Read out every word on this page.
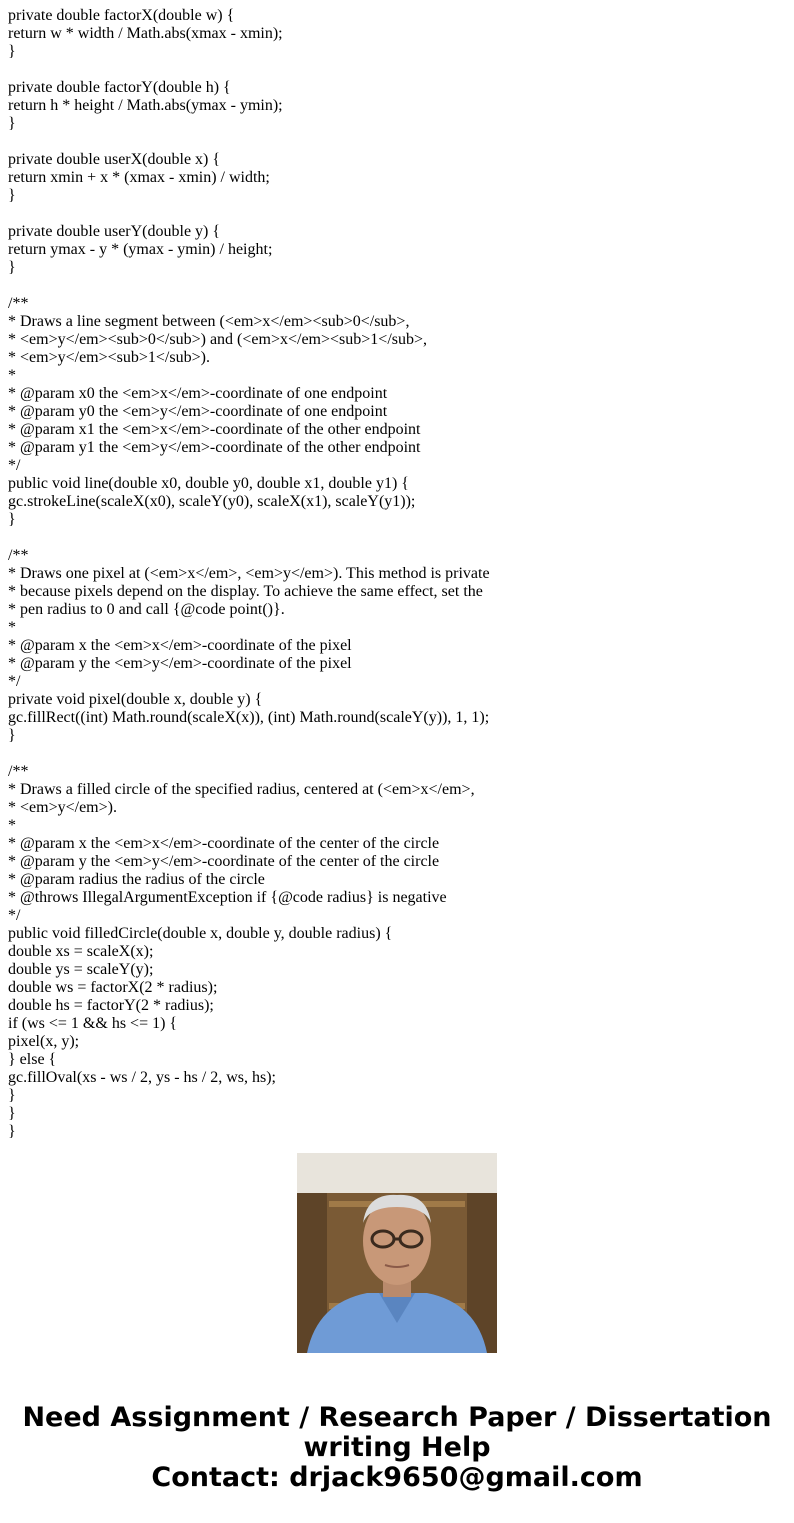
private double factorX(double w) {
return w * width / Math.abs(xmax - xmin);
}
private double factorY(double h) {
return h * height / Math.abs(ymax - ymin);
}
private double userX(double x) {
return xmin + x * (xmax - xmin) / width;
}
private double userY(double y) {
return ymax - y * (ymax - ymin) / height;
}
/**
* Draws a line segment between (<em>x</em><sub>0</sub>,
* <em>y</em><sub>0</sub>) and (<em>x</em><sub>1</sub>,
* <em>y</em><sub>1</sub>).
*
* @param x0 the <em>x</em>-coordinate of one endpoint
* @param y0 the <em>y</em>-coordinate of one endpoint
* @param x1 the <em>x</em>-coordinate of the other endpoint
* @param y1 the <em>y</em>-coordinate of the other endpoint
*/
public void line(double x0, double y0, double x1, double y1) {
gc.strokeLine(scaleX(x0), scaleY(y0), scaleX(x1), scaleY(y1));
}
/**
* Draws one pixel at (<em>x</em>, <em>y</em>). This method is private
* because pixels depend on the display. To achieve the same effect, set the
* pen radius to 0 and call {@code point()}.
*
* @param x the <em>x</em>-coordinate of the pixel
* @param y the <em>y</em>-coordinate of the pixel
*/
private void pixel(double x, double y) {
gc.fillRect((int) Math.round(scaleX(x)), (int) Math.round(scaleY(y)), 1, 1);
}
/**
* Draws a filled circle of the specified radius, centered at (<em>x</em>,
* <em>y</em>).
*
* @param x the <em>x</em>-coordinate of the center of the circle
* @param y the <em>y</em>-coordinate of the center of the circle
* @param radius the radius of the circle
* @throws IllegalArgumentException if {@code radius} is negative
*/
public void filledCircle(double x, double y, double radius) {
double xs = scaleX(x);
double ys = scaleY(y);
double ws = factorX(2 * radius);
double hs = factorY(2 * radius);
if (ws <= 1 && hs <= 1) {
pixel(x, y);
} else {
gc.fillOval(xs - ws / 2, ys - hs / 2, ws, hs);
}
}
}
Need Assignment / Research Paper / Dissertation
writing Help
Contact: drjack9650@gmail.com
